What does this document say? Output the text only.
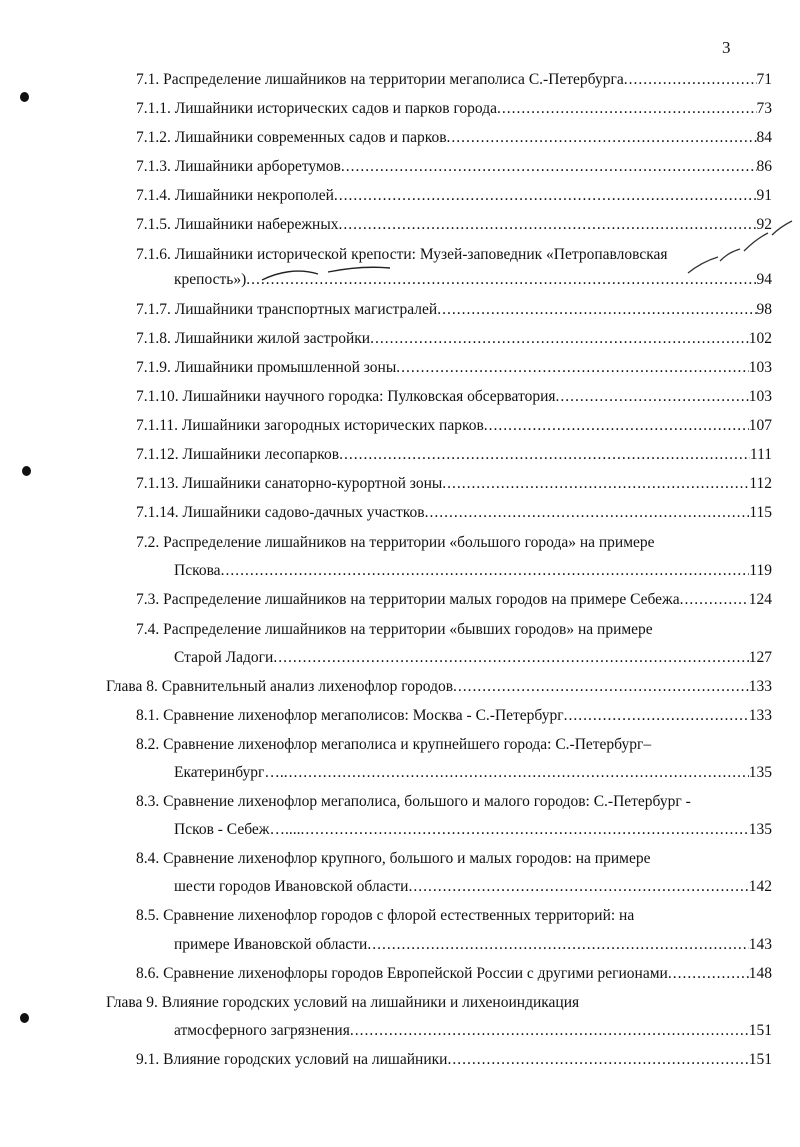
3
7.1. Распределение лишайников на территории мегаполиса С.-Петербурга .....	71
7.1.1. Лишайники исторических садов и парков города .....	73
7.1.2. Лишайники современных садов и парков .....	84
7.1.3. Лишайники арборетумов .....	86
7.1.4. Лишайники некрополей .....	91
7.1.5. Лишайники набережных .....	92
7.1.6. Лишайники исторической крепости: Музей-заповедник «Петропавловская
крепость») .....	94
7.1.7. Лишайники транспортных магистралей .....	98
7.1.8. Лишайники жилой застройки .....	102
7.1.9. Лишайники промышленной зоны .....	103
7.1.10. Лишайники научного городка: Пулковская обсерватория .....	103
7.1.11. Лишайники загородных исторических парков .....	107
7.1.12. Лишайники лесопарков .....	111
7.1.13. Лишайники санаторно-курортной зоны .....	112
7.1.14. Лишайники садово-дачных участков .....	115
7.2. Распределение лишайников на территории «большого города» на примере
Пскова .....	119
7.3. Распределение лишайников на территории малых городов на примере Себежа .....	124
7.4. Распределение лишайников на территории «бывших городов» на примере
Старой Ладоги .....	127
Глава 8. Сравнительный анализ лихенофлор городов .....	133
8.1. Сравнение лихенофлор мегаполисов: Москва - С.-Петербург .....	133
8.2. Сравнение лихенофлор мегаполиса и крупнейшего города: С.-Петербург–
Екатеринбург…. .....	135
8.3. Сравнение лихенофлор мегаполиса, большого и малого городов: С.-Петербург -
Псков - Себеж….... .....	135
8.4. Сравнение лихенофлор крупного, большого и малых городов: на примере
шести городов Ивановской области .....	142
8.5. Сравнение лихенофлор городов с флорой естественных территорий: на
примере Ивановской области .....	143
8.6. Сравнение лихенофлоры городов Европейской России с другими регионами .....	148
Глава 9. Влияние городских условий на лишайники и лихеноиндикация
атмосферного загрязнения .....	151
9.1. Влияние городских условий на лишайники .....	151
